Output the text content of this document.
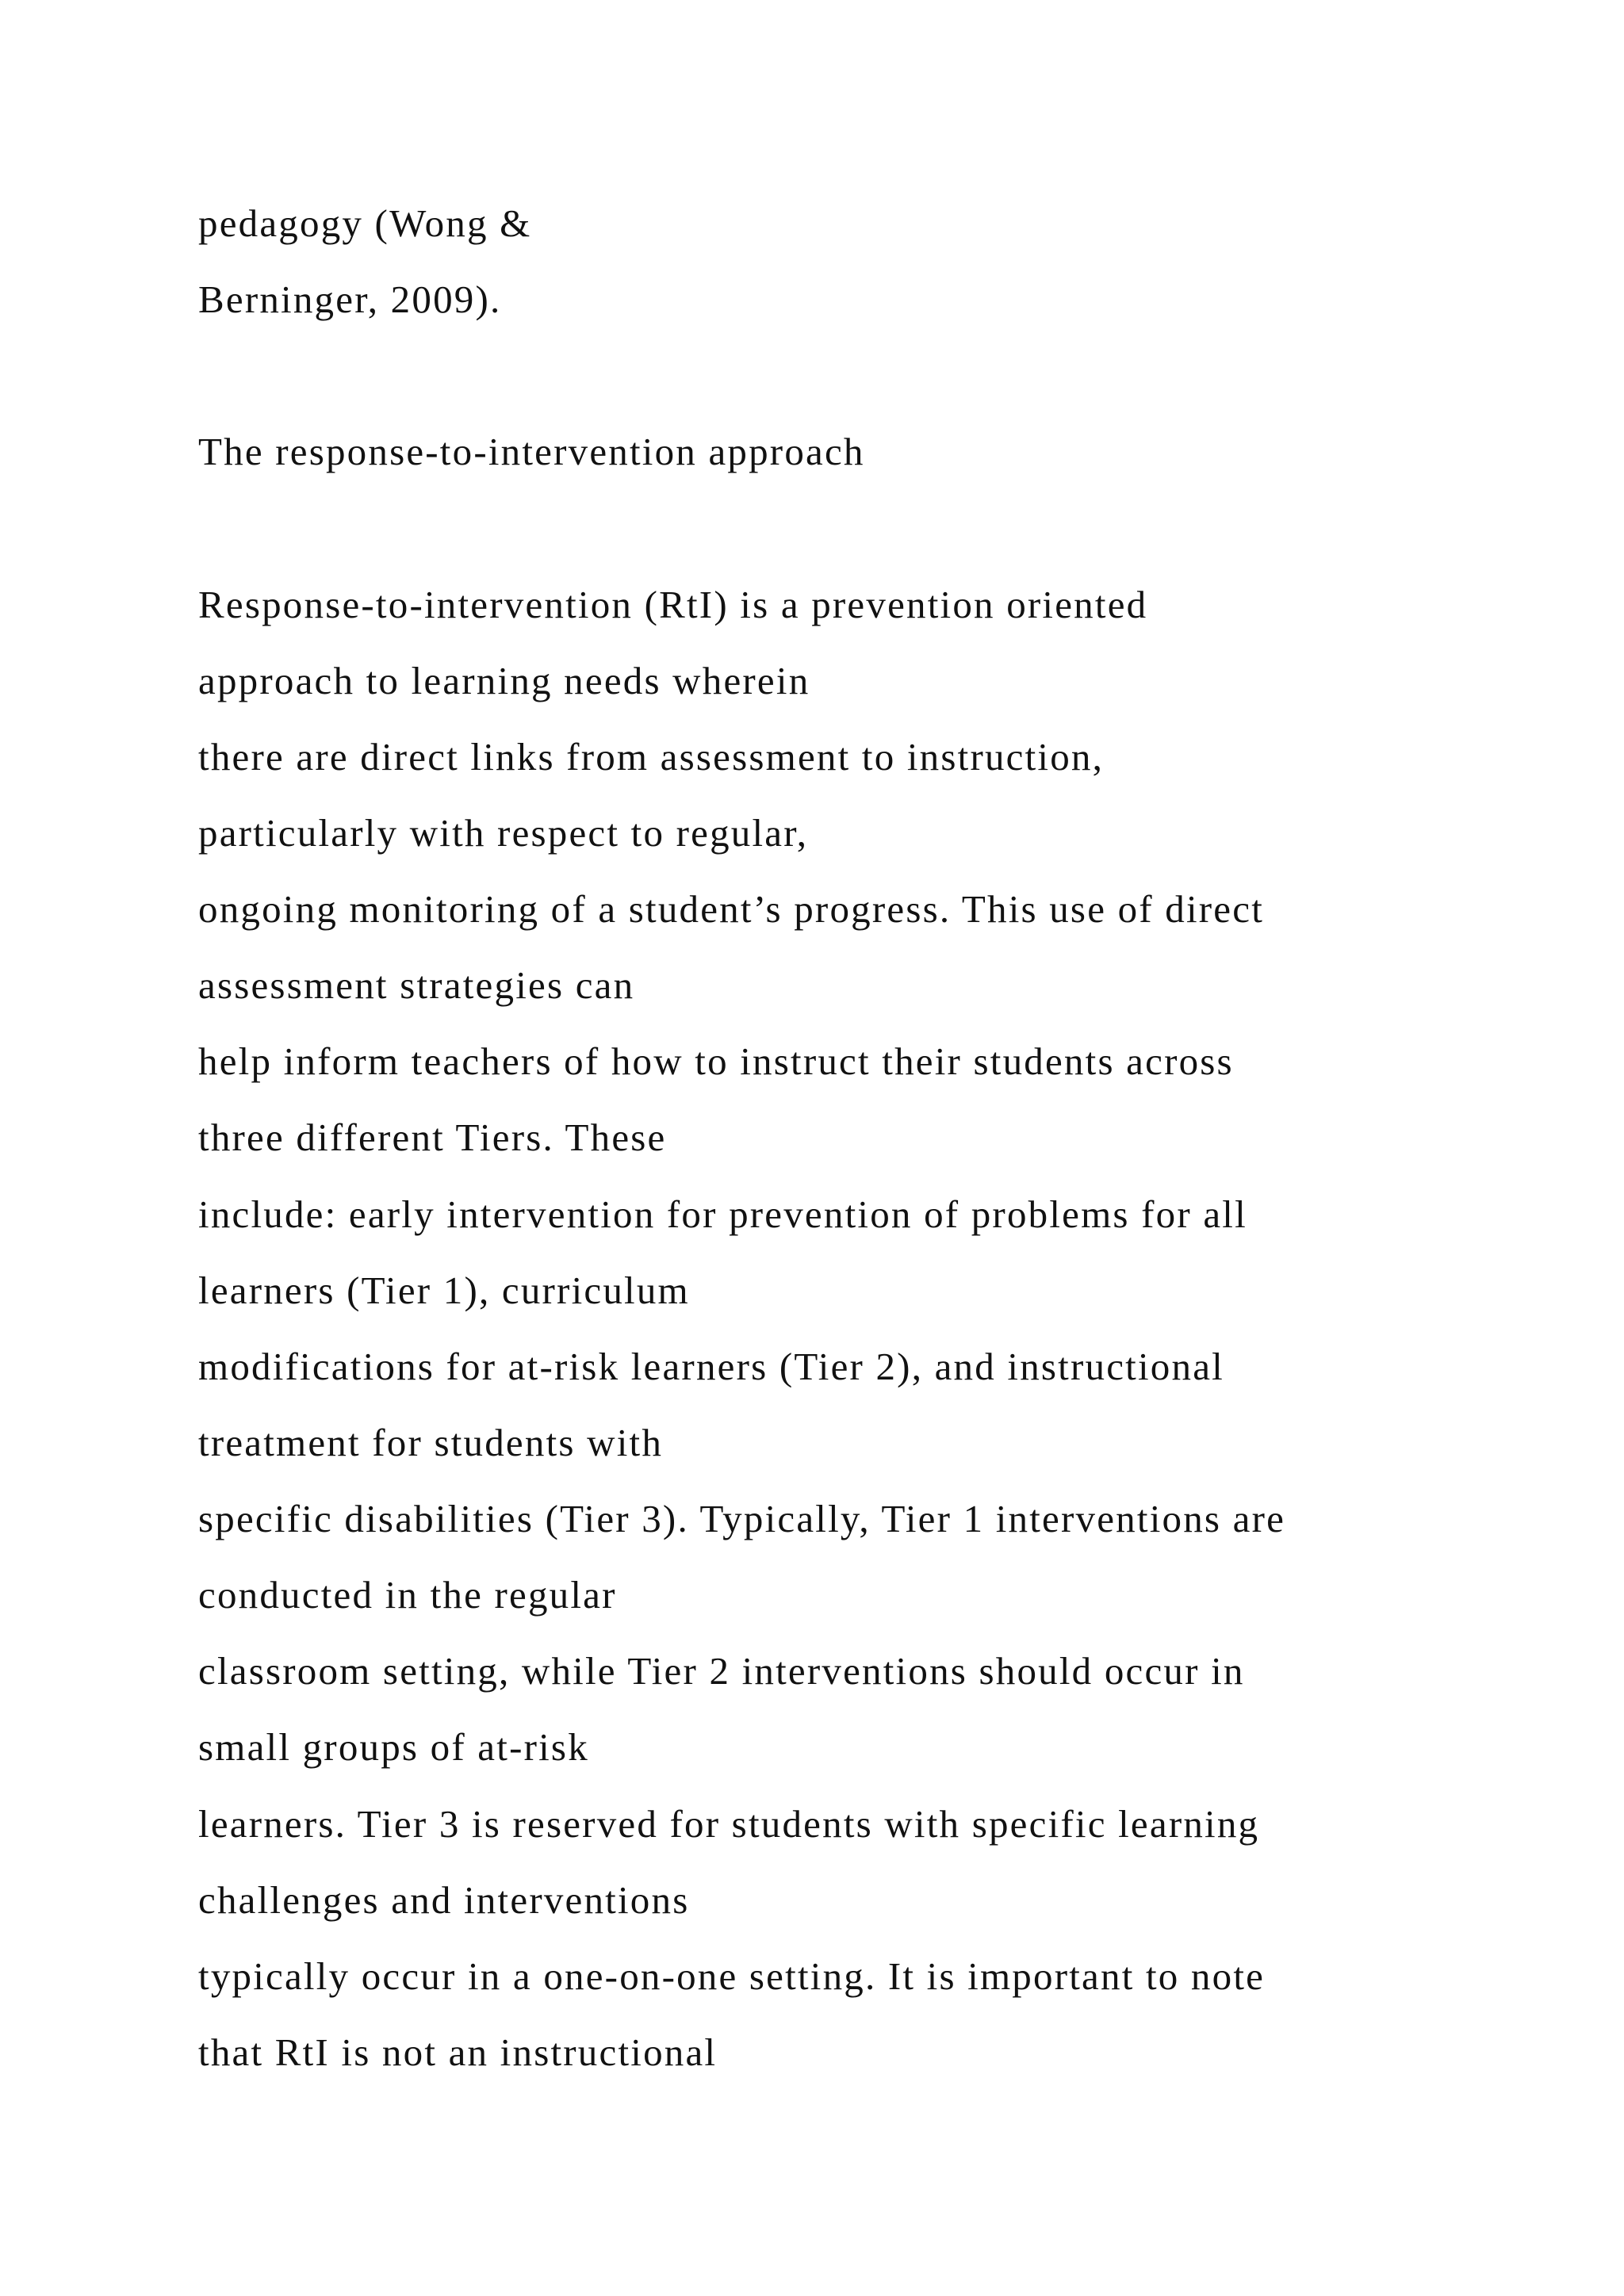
pedagogy (Wong &

Berninger, 2009).

The response-to-intervention approach

Response-to-intervention (RtI) is a prevention oriented

approach to learning needs wherein

there are direct links from assessment to instruction,

particularly with respect to regular,

ongoing monitoring of a student’s progress. This use of direct

assessment strategies can

help inform teachers of how to instruct their students across

three different Tiers. These

include: early intervention for prevention of problems for all

learners (Tier 1), curriculum

modifications for at-risk learners (Tier 2), and instructional

treatment for students with

specific disabilities (Tier 3). Typically, Tier 1 interventions are

conducted in the regular

classroom setting, while Tier 2 interventions should occur in

small groups of at-risk

learners. Tier 3 is reserved for students with specific learning

challenges and interventions

typically occur in a one-on-one setting. It is important to note

that RtI is not an instructional
